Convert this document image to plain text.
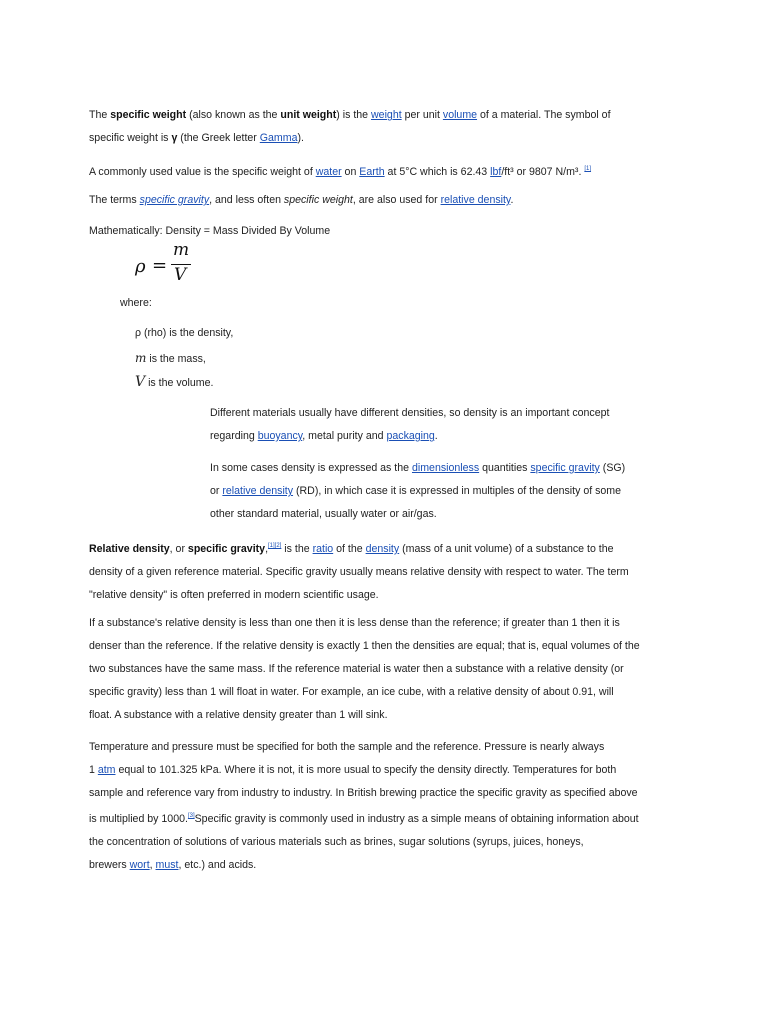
The specific weight (also known as the unit weight) is the weight per unit volume of a material. The symbol of
specific weight is γ (the Greek letter Gamma).
A commonly used value is the specific weight of water on Earth at 5°C which is 62.43 lbf/ft³ or 9807 N/m³. [1]
The terms specific gravity, and less often specific weight, are also used for relative density.
Mathematically: Density = Mass Divided By Volume
ρ =
m
V
where:
ρ (rho) is the density,
m is the mass,
V is the volume.
Different materials usually have different densities, so density is an important concept
regarding buoyancy, metal purity and packaging.
In some cases density is expressed as the dimensionless quantities specific gravity (SG)
or relative density (RD), in which case it is expressed in multiples of the density of some
other standard material, usually water or air/gas.
Relative density, or specific gravity,[1][2] is the ratio of the density (mass of a unit volume) of a substance to the
density of a given reference material. Specific gravity usually means relative density with respect to water. The term
"relative density" is often preferred in modern scientific usage.
If a substance's relative density is less than one then it is less dense than the reference; if greater than 1 then it is
denser than the reference. If the relative density is exactly 1 then the densities are equal; that is, equal volumes of the
two substances have the same mass. If the reference material is water then a substance with a relative density (or
specific gravity) less than 1 will float in water. For example, an ice cube, with a relative density of about 0.91, will
float. A substance with a relative density greater than 1 will sink.
Temperature and pressure must be specified for both the sample and the reference. Pressure is nearly always
1 atm equal to 101.325 kPa. Where it is not, it is more usual to specify the density directly. Temperatures for both
sample and reference vary from industry to industry. In British brewing practice the specific gravity as specified above
is multiplied by 1000.[3]Specific gravity is commonly used in industry as a simple means of obtaining information about
the concentration of solutions of various materials such as brines, sugar solutions (syrups, juices, honeys,
brewers wort, must, etc.) and acids.
